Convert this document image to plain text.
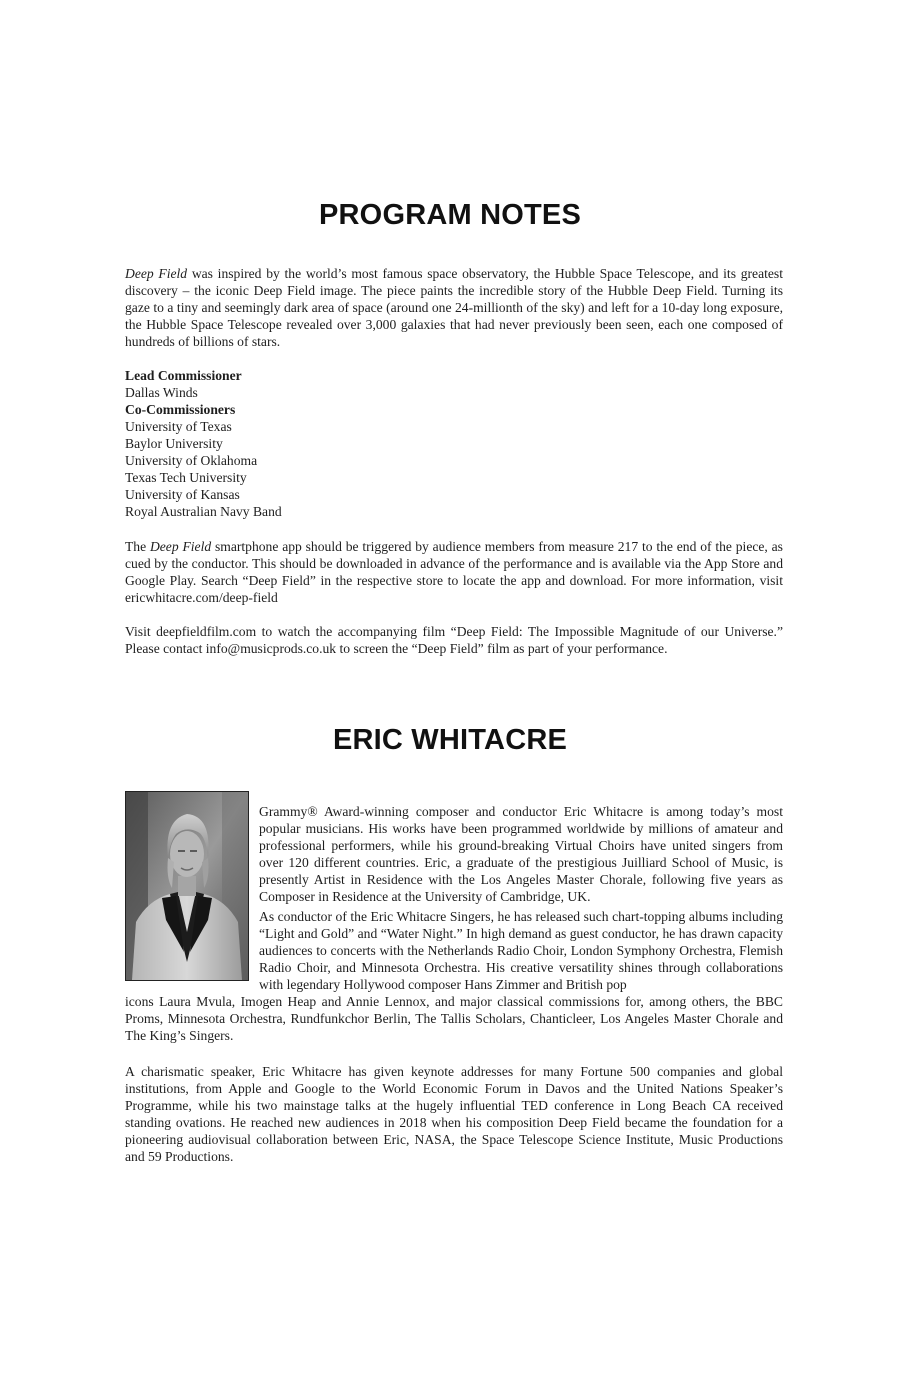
PROGRAM NOTES

Deep Field was inspired by the world’s most famous space observatory, the Hubble Space Telescope, and its greatest discovery – the iconic Deep Field image. The piece paints the incredible story of the Hubble Deep Field. Turning its gaze to a tiny and seemingly dark area of space (around one 24-millionth of the sky) and left for a 10-day long exposure, the Hubble Space Telescope revealed over 3,000 galaxies that had never previously been seen, each one composed of hundreds of billions of stars.

Lead Commissioner
Dallas Winds
Co-Commissioners
University of Texas
Baylor University
University of Oklahoma
Texas Tech University
University of Kansas
Royal Australian Navy Band

The Deep Field smartphone app should be triggered by audience members from measure 217 to the end of the piece, as cued by the conductor. This should be downloaded in advance of the performance and is available via the App Store and Google Play. Search “Deep Field” in the respective store to locate the app and download. For more information, visit ericwhitacre.com/deep-field

Visit deepfieldfilm.com to watch the accompanying film “Deep Field: The Impossible Magnitude of our Universe.” Please contact info@musicprods.co.uk to screen the “Deep Field” film as part of your performance.

ERIC WHITACRE

Grammy® Award-winning composer and conductor Eric Whitacre is among today’s most popular musicians. His works have been programmed worldwide by millions of amateur and professional performers, while his ground-breaking Virtual Choirs have united singers from over 120 different countries. Eric, a graduate of the prestigious Juilliard School of Music, is presently Artist in Residence with the Los Angeles Master Chorale, following five years as Composer in Residence at the University of Cambridge, UK.

As conductor of the Eric Whitacre Singers, he has released such chart-topping albums including “Light and Gold” and “Water Night.” In high demand as guest conductor, he has drawn capacity audiences to concerts with the Netherlands Radio Choir, London Symphony Orchestra, Flemish Radio Choir, and Minnesota Orchestra. His creative versatility shines through collaborations with legendary Hollywood composer Hans Zimmer and British pop
icons Laura Mvula, Imogen Heap and Annie Lennox, and major classical commissions for, among others, the BBC Proms, Minnesota Orchestra, Rundfunkchor Berlin, The Tallis Scholars, Chanticleer, Los Angeles Master Chorale and The King’s Singers.

A charismatic speaker, Eric Whitacre has given keynote addresses for many Fortune 500 companies and global institutions, from Apple and Google to the World Economic Forum in Davos and the United Nations Speaker’s Programme, while his two mainstage talks at the hugely influential TED conference in Long Beach CA received standing ovations. He reached new audiences in 2018 when his composition Deep Field became the foundation for a pioneering audiovisual collaboration between Eric, NASA, the Space Telescope Science Institute, Music Productions and 59 Productions.
